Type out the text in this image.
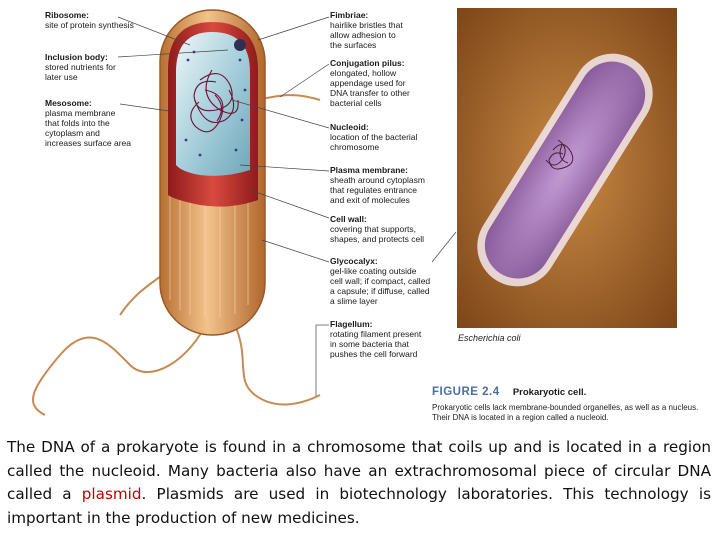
Ribosome:
site of protein synthesis
Inclusion body:
stored nutrients for
later use
Mesosome:
plasma membrane
that folds into the
cytoplasm and
increases surface area
Fimbriae:
hairlike bristles that
allow adhesion to
the surfaces
Conjugation pilus:
elongated, hollow
appendage used for
DNA transfer to other
bacterial cells
Nucleoid:
location of the bacterial
chromosome
Plasma membrane:
sheath around cytoplasm
that regulates entrance
and exit of molecules
Cell wall:
covering that supports,
shapes, and protects cell
Glycocalyx:
gel-like coating outside
cell wall; if compact, called
a capsule; if diffuse, called
a slime layer
Flagellum:
rotating filament present
in some bacteria that
pushes the cell forward
Escherichia coli
FIGURE 2.4 Prokaryotic cell.
Prokaryotic cells lack membrane-bounded organelles, as well as a nucleus. Their DNA is located in a region called a nucleoid.

The DNA of a prokaryote is found in a chromosome that coils up and is located in a region called the nucleoid. Many bacteria also have an extrachromosomal piece of circular DNA called a plasmid. Plasmids are used in biotechnology laboratories. This technology is important in the production of new medicines.
